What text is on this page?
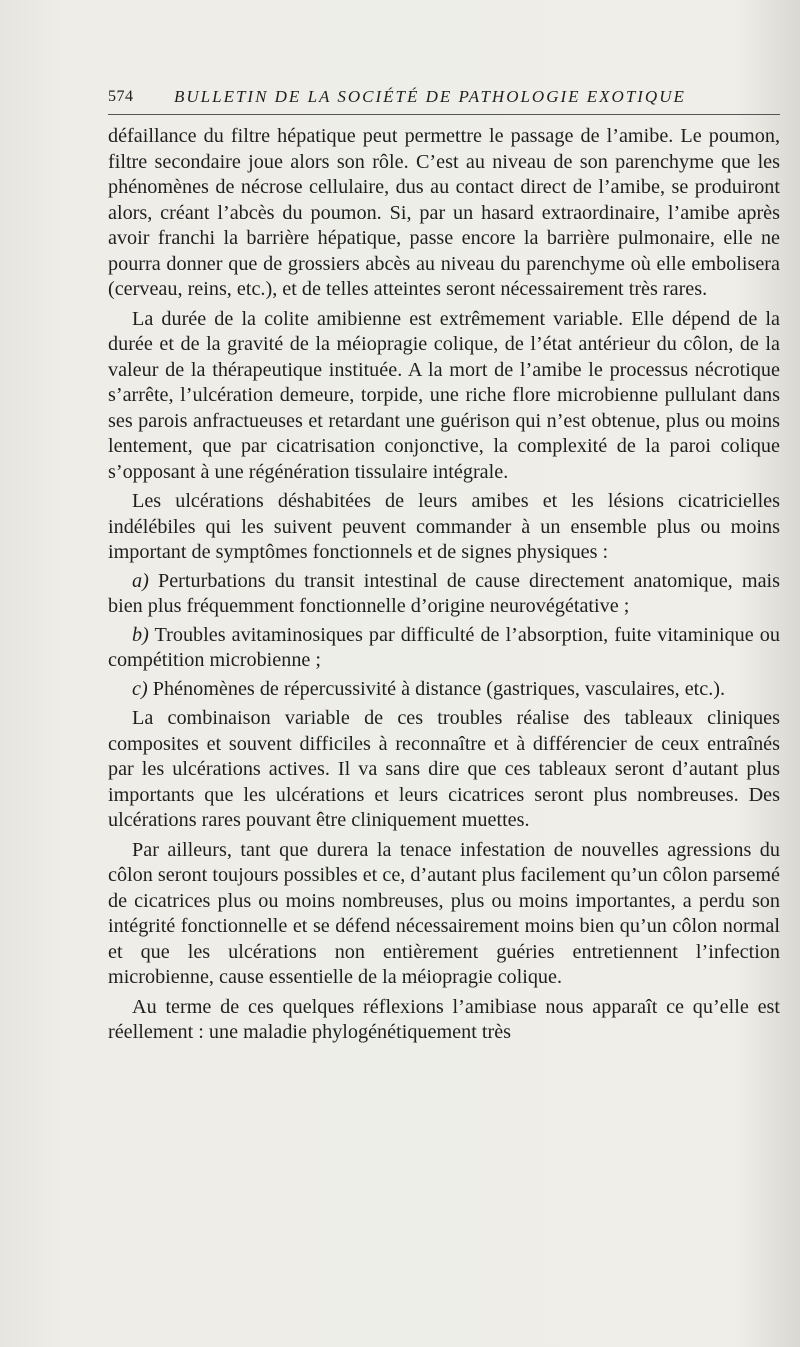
574 BULLETIN DE LA SOCIÉTÉ DE PATHOLOGIE EXOTIQUE

défaillance du filtre hépatique peut permettre le passage de l’amibe. Le poumon, filtre secondaire joue alors son rôle. C’est au niveau de son parenchyme que les phénomènes de nécrose cellulaire, dus au contact direct de l’amibe, se produiront alors, créant l’abcès du poumon. Si, par un hasard extraordinaire, l’amibe après avoir franchi la barrière hépatique, passe encore la barrière pulmonaire, elle ne pourra donner que de grossiers abcès au niveau du parenchyme où elle embolisera (cerveau, reins, etc.), et de telles atteintes seront nécessairement très rares.

La durée de la colite amibienne est extrêmement variable. Elle dépend de la durée et de la gravité de la méiopragie colique, de l’état antérieur du côlon, de la valeur de la thérapeutique instituée. A la mort de l’amibe le processus nécrotique s’arrête, l’ulcération demeure, torpide, une riche flore microbienne pullulant dans ses parois anfractueuses et retardant une guérison qui n’est obtenue, plus ou moins lentement, que par cicatrisation conjonctive, la complexité de la paroi colique s’opposant à une régénération tissulaire intégrale.

Les ulcérations déshabitées de leurs amibes et les lésions cicatricielles indélébiles qui les suivent peuvent commander à un ensemble plus ou moins important de symptômes fonctionnels et de signes physiques :

a) Perturbations du transit intestinal de cause directement anatomique, mais bien plus fréquemment fonctionnelle d’origine neurovégétative ;

b) Troubles avitaminosiques par difficulté de l’absorption, fuite vitaminique ou compétition microbienne ;

c) Phénomènes de répercussivité à distance (gastriques, vasculaires, etc.).

La combinaison variable de ces troubles réalise des tableaux cliniques composites et souvent difficiles à reconnaître et à différencier de ceux entraînés par les ulcérations actives. Il va sans dire que ces tableaux seront d’autant plus importants que les ulcérations et leurs cicatrices seront plus nombreuses. Des ulcérations rares pouvant être cliniquement muettes.

Par ailleurs, tant que durera la tenace infestation de nouvelles agressions du côlon seront toujours possibles et ce, d’autant plus facilement qu’un côlon parsemé de cicatrices plus ou moins nombreuses, plus ou moins importantes, a perdu son intégrité fonctionnelle et se défend nécessairement moins bien qu’un côlon normal et que les ulcérations non entièrement guéries entretiennent l’infection microbienne, cause essentielle de la méiopragie colique.

Au terme de ces quelques réflexions l’amibiase nous apparaît ce qu’elle est réellement : une maladie phylogénétiquement très
